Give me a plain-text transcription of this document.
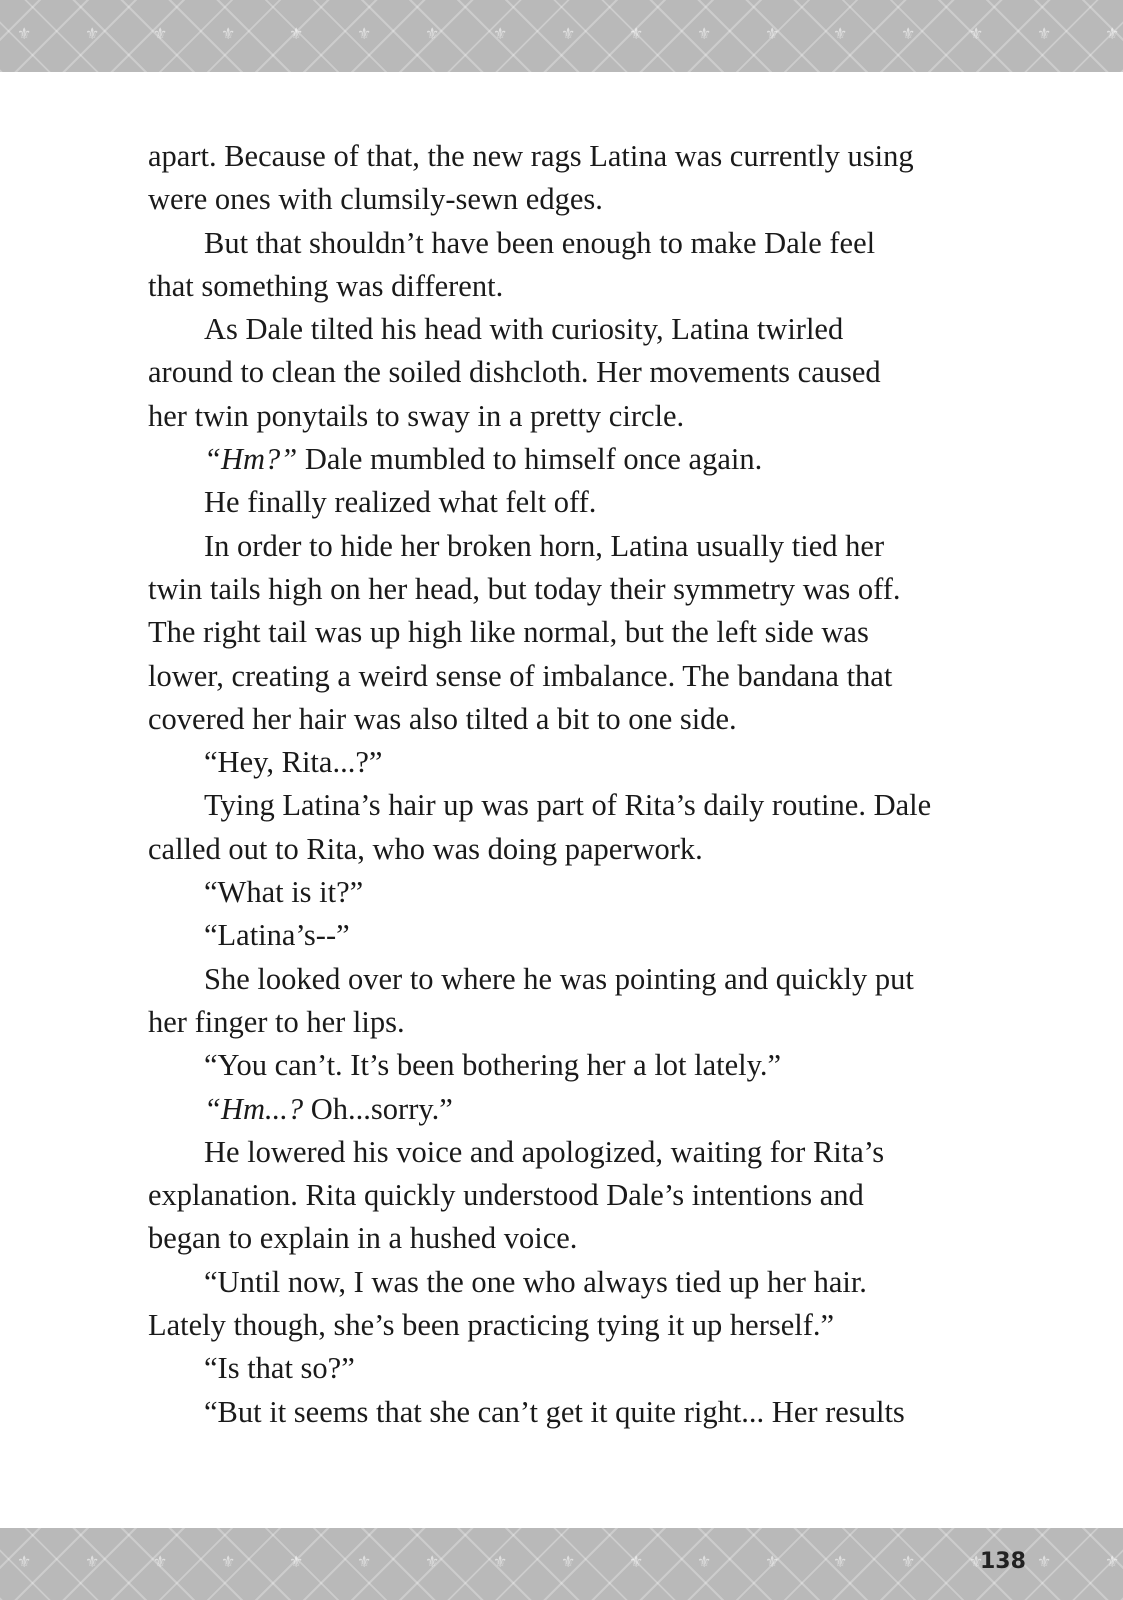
⚜	⚜	⚜	⚜	⚜	⚜	⚜	⚜	⚜	⚜	⚜	⚜	⚜	⚜	⚜	⚜	⚜
⚜	⚜	⚜	⚜	⚜	⚜	⚜	⚜	⚜	⚜	⚜	⚜	⚜	⚜	⚜	⚜	⚜
apart. Because of that, the new rags Latina was currently using
were ones with clumsily-sewn edges.
But that shouldn’t have been enough to make Dale feel
that something was different.
As Dale tilted his head with curiosity, Latina twirled
around to clean the soiled dishcloth. Her movements caused
her twin ponytails to sway in a pretty circle.
“Hm?” Dale mumbled to himself once again.
He finally realized what felt off.
In order to hide her broken horn, Latina usually tied her
twin tails high on her head, but today their symmetry was off.
The right tail was up high like normal, but the left side was
lower, creating a weird sense of imbalance. The bandana that
covered her hair was also tilted a bit to one side.
“Hey, Rita...?”
Tying Latina’s hair up was part of Rita’s daily routine. Dale
called out to Rita, who was doing paperwork.
“What is it?”
“Latina’s--”
She looked over to where he was pointing and quickly put
her finger to her lips.
“You can’t. It’s been bothering her a lot lately.”
“Hm...? Oh...sorry.”
He lowered his voice and apologized, waiting for Rita’s
explanation. Rita quickly understood Dale’s intentions and
began to explain in a hushed voice.
“Until now, I was the one who always tied up her hair.
Lately though, she’s been practicing tying it up herself.”
“Is that so?”
“But it seems that she can’t get it quite right... Her results
138
